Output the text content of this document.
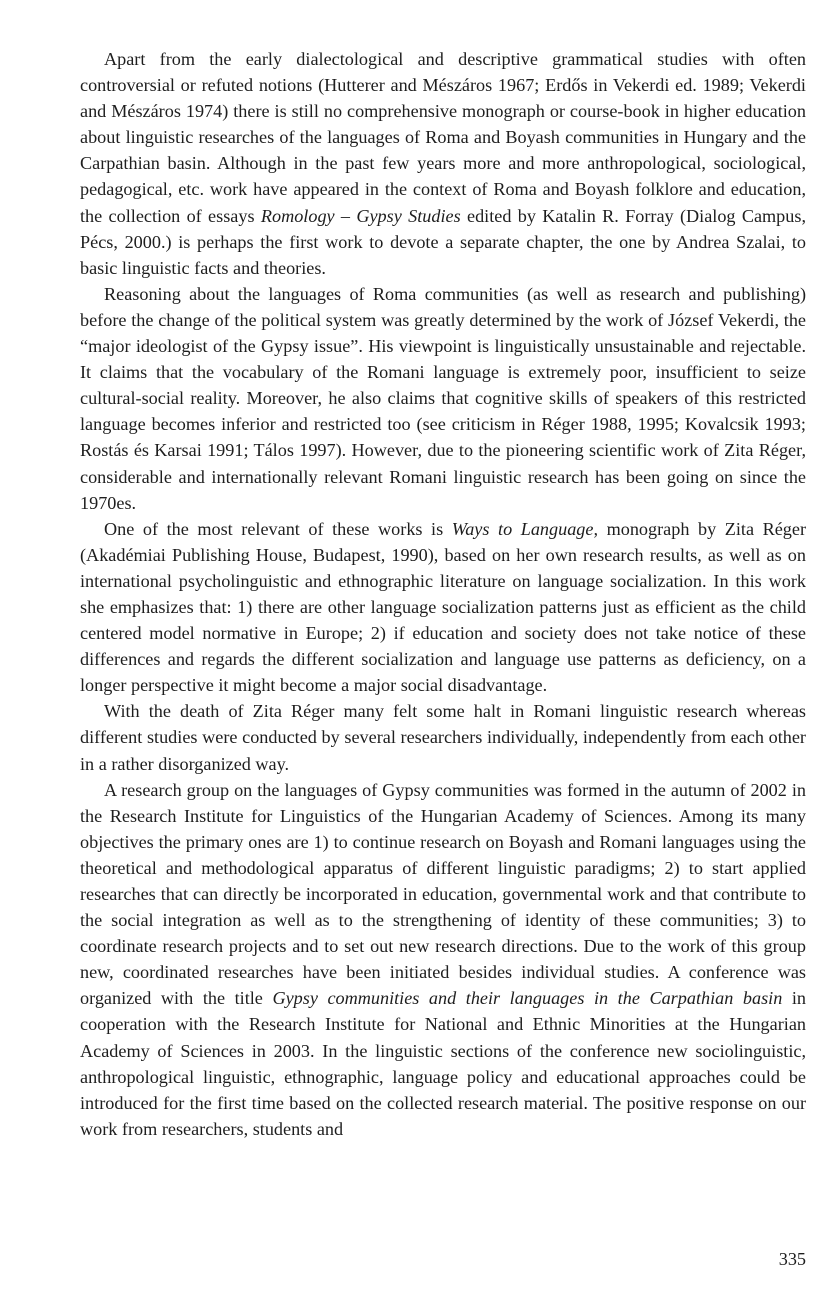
Apart from the early dialectological and descriptive grammatical studies with often controversial or refuted notions (Hutterer and Mészáros 1967; Erdős in Vekerdi ed. 1989; Vekerdi and Mészáros 1974) there is still no comprehensive monograph or course-book in higher education about linguistic researches of the languages of Roma and Boyash communities in Hungary and the Carpathian basin. Although in the past few years more and more anthropological, sociological, pedagogical, etc. work have appeared in the context of Roma and Boyash folklore and education, the collection of essays Romology – Gypsy Studies edited by Katalin R. Forray (Dialog Campus, Pécs, 2000.) is perhaps the first work to devote a separate chapter, the one by Andrea Szalai, to basic linguistic facts and theories.

Reasoning about the languages of Roma communities (as well as research and publishing) before the change of the political system was greatly determined by the work of József Vekerdi, the “major ideologist of the Gypsy issue”. His viewpoint is linguistically unsustainable and rejectable. It claims that the vocabulary of the Romani language is extremely poor, insufficient to seize cultural-social reality. Moreover, he also claims that cognitive skills of speakers of this restricted language becomes inferior and restricted too (see criticism in Réger 1988, 1995; Kovalcsik 1993; Rostás és Karsai 1991; Tálos 1997). However, due to the pioneering scientific work of Zita Réger, considerable and internationally relevant Romani linguistic research has been going on since the 1970es.

One of the most relevant of these works is Ways to Language, monograph by Zita Réger (Akadémiai Publishing House, Budapest, 1990), based on her own research results, as well as on international psycholinguistic and ethnographic literature on language socialization. In this work she emphasizes that: 1) there are other language socialization patterns just as efficient as the child centered model normative in Europe; 2) if education and society does not take notice of these differences and regards the different socialization and language use patterns as deficiency, on a longer perspective it might become a major social disadvantage.

With the death of Zita Réger many felt some halt in Romani linguistic research whereas different studies were conducted by several researchers individually, independently from each other in a rather disorganized way.

A research group on the languages of Gypsy communities was formed in the autumn of 2002 in the Research Institute for Linguistics of the Hungarian Academy of Sciences. Among its many objectives the primary ones are 1) to continue research on Boyash and Romani languages using the theoretical and methodological apparatus of different linguistic paradigms; 2) to start applied researches that can directly be incorporated in education, governmental work and that contribute to the social integration as well as to the strengthening of identity of these communities; 3) to coordinate research projects and to set out new research directions. Due to the work of this group new, coordinated researches have been initiated besides individual studies. A conference was organized with the title Gypsy communities and their languages in the Carpathian basin in cooperation with the Research Institute for National and Ethnic Minorities at the Hungarian Academy of Sciences in 2003. In the linguistic sections of the conference new sociolinguistic, anthropological linguistic, ethnographic, language policy and educational approaches could be introduced for the first time based on the collected research material. The positive response on our work from researchers, students and

335
